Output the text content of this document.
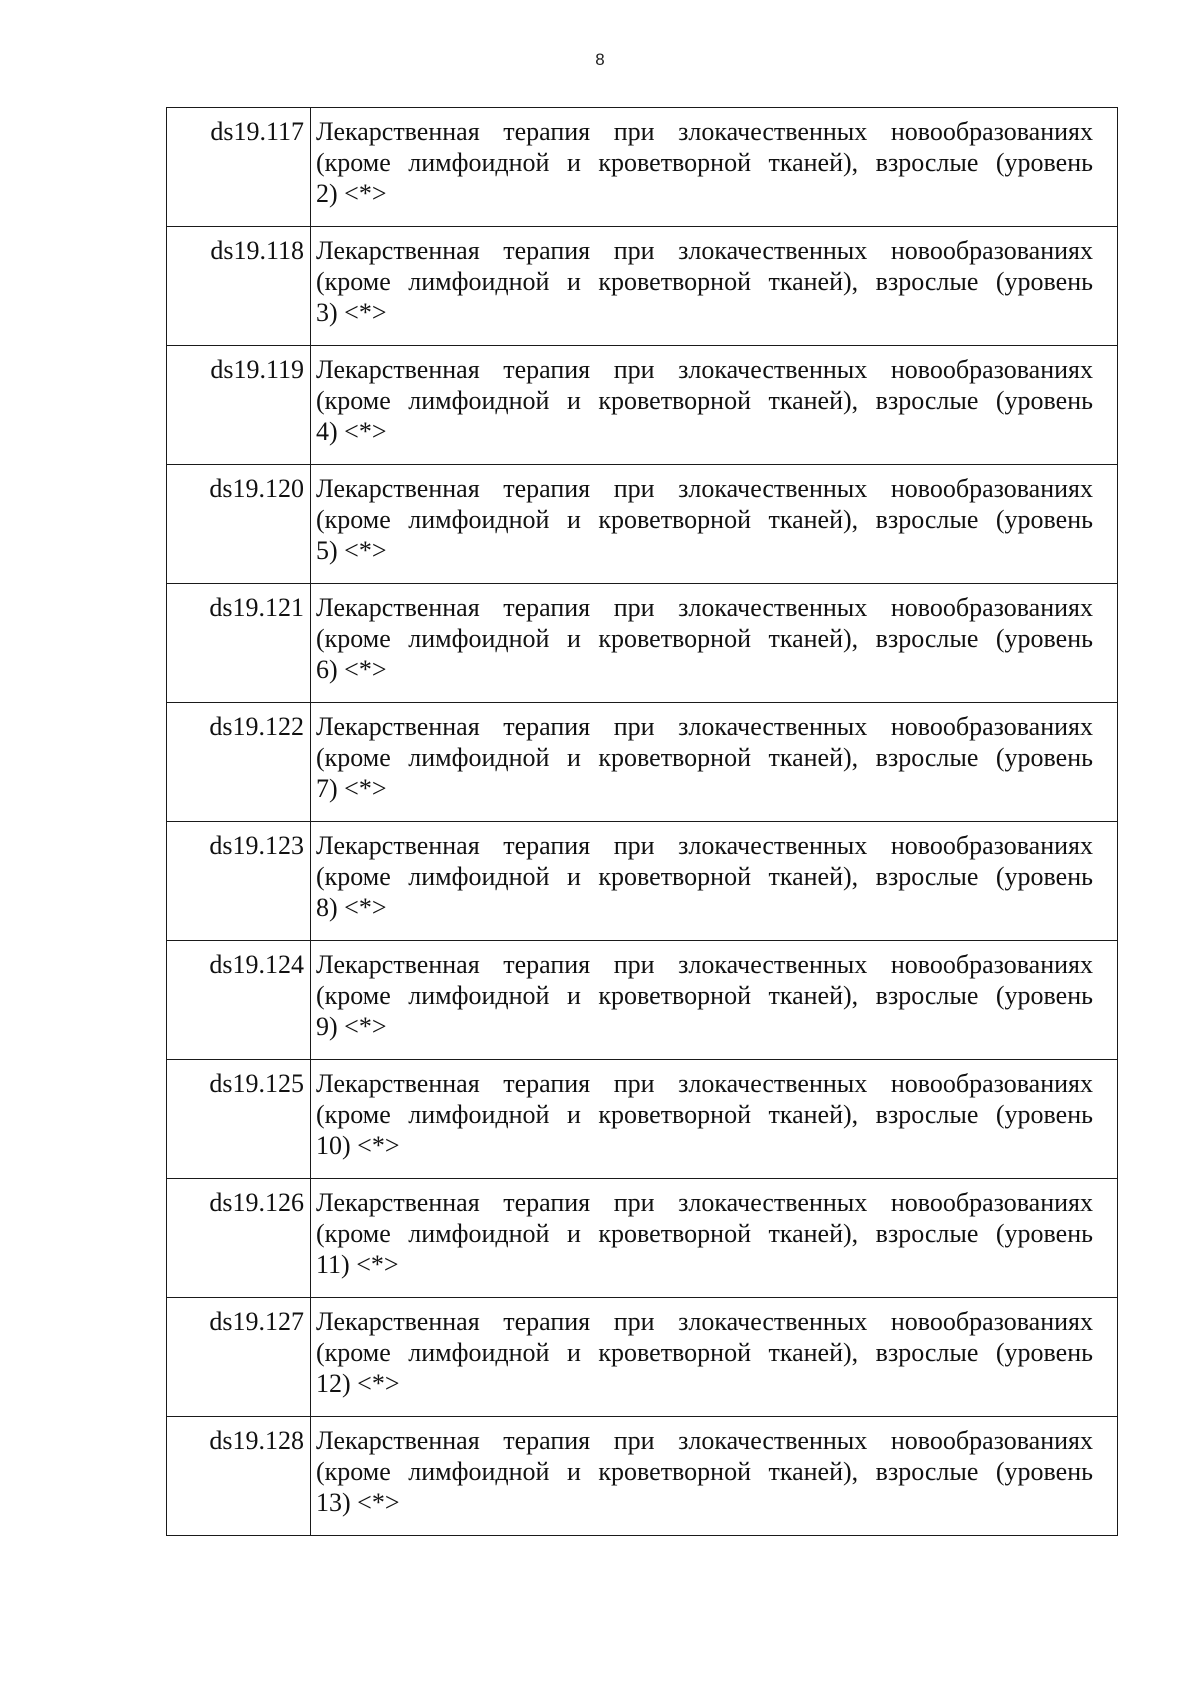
8
ds19.117	Лекарственная терапия при злокачественных новообразованиях
(кроме лимфоидной и кроветворной тканей), взрослые (уровень
2) <*>

ds19.118	Лекарственная терапия при злокачественных новообразованиях
(кроме лимфоидной и кроветворной тканей), взрослые (уровень
3) <*>

ds19.119	Лекарственная терапия при злокачественных новообразованиях
(кроме лимфоидной и кроветворной тканей), взрослые (уровень
4) <*>

ds19.120	Лекарственная терапия при злокачественных новообразованиях
(кроме лимфоидной и кроветворной тканей), взрослые (уровень
5) <*>

ds19.121	Лекарственная терапия при злокачественных новообразованиях
(кроме лимфоидной и кроветворной тканей), взрослые (уровень
6) <*>

ds19.122	Лекарственная терапия при злокачественных новообразованиях
(кроме лимфоидной и кроветворной тканей), взрослые (уровень
7) <*>

ds19.123	Лекарственная терапия при злокачественных новообразованиях
(кроме лимфоидной и кроветворной тканей), взрослые (уровень
8) <*>

ds19.124	Лекарственная терапия при злокачественных новообразованиях
(кроме лимфоидной и кроветворной тканей), взрослые (уровень
9) <*>

ds19.125	Лекарственная терапия при злокачественных новообразованиях
(кроме лимфоидной и кроветворной тканей), взрослые (уровень
10) <*>

ds19.126	Лекарственная терапия при злокачественных новообразованиях
(кроме лимфоидной и кроветворной тканей), взрослые (уровень
11) <*>

ds19.127	Лекарственная терапия при злокачественных новообразованиях
(кроме лимфоидной и кроветворной тканей), взрослые (уровень
12) <*>

ds19.128	Лекарственная терапия при злокачественных новообразованиях
(кроме лимфоидной и кроветворной тканей), взрослые (уровень
13) <*>
